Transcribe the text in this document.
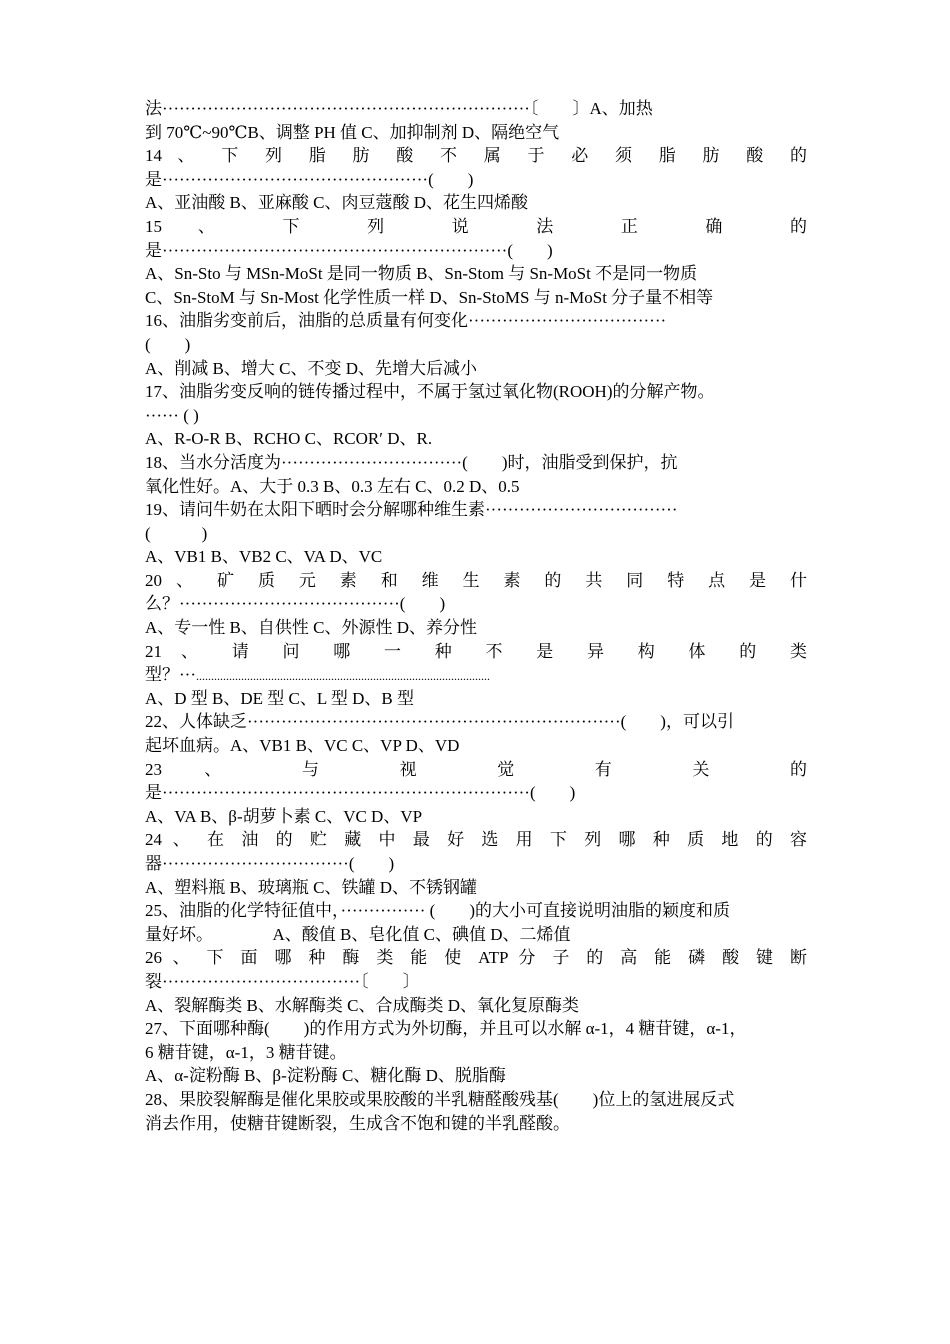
法·································································〔　　〕A、加热
到 70℃~90℃B、调整 PH 值 C、加抑制剂 D、隔绝空气
14 、 下 列 脂 肪 酸 不 属 于 必 须 脂 肪 酸 的
是···············································(　　)
A、亚油酸 B、亚麻酸 C、肉豆蔻酸 D、花生四烯酸
15 、 下 列 说 法 正 确 的
是·····························································(　　)
A、Sn-Sto 与 MSn-MoSt 是同一物质 B、Sn-Stom 与 Sn-MoSt 不是同一物质
C、Sn-StoM 与 Sn-Most 化学性质一样 D、Sn-StoMS 与 n-MoSt 分子量不相等
16、油脂劣变前后，油脂的总质量有何变化···································
(　　)
A、削减 B、增大 C、不变 D、先增大后减小
17、油脂劣变反响的链传播过程中，不属于氢过氧化物(ROOH)的分解产物。
······ ( )
A、R-O-R B、RCHO C、RCOR′ D、R.
18、当水分活度为································(　　)时，油脂受到保护，抗
氧化性好。A、大于 0.3 B、0.3 左右 C、0.2 D、0.5
19、请问牛奶在太阳下晒时会分解哪种维生素··································
(　　　)
A、VB1 B、VB2 C、VA D、VC
20 、 矿 质 元 素 和 维 生 素 的 共 同 特 点 是 什
么？·······································(　　)
A、专一性 B、自供性 C、外源性 D、养分性
21 、 请 问 哪 一 种 不 是 异 构 体 的 类
型？···..................................................................................................
A、D 型 B、DE 型 C、L 型 D、B 型
22、人体缺乏··································································(　　)，可以引
起坏血病。A、VB1 B、VC C、VP D、VD
23 、 与 视 觉 有 关 的
是·································································(　　)
A、VA B、β-胡萝卜素 C、VC D、VP
24 、 在 油 的 贮 藏 中 最 好 选 用 下 列 哪 种 质 地 的 容
器·································(　　)
A、塑料瓶 B、玻璃瓶 C、铁罐 D、不锈钢罐
25、油脂的化学特征值中，··············· (　　)的大小可直接说明油脂的颖度和质
量好坏。　　　　A、酸值 B、皂化值 C、碘值 D、二烯值
26 、 下 面 哪 种 酶 类 能 使 ATP 分 子 的 高 能 磷 酸 键 断
裂···································〔　　〕
A、裂解酶类 B、水解酶类 C、合成酶类 D、氧化复原酶类
27、下面哪种酶(　　)的作用方式为外切酶，并且可以水解 α-1，4 糖苷键，α-1，
6 糖苷键，α-1，3 糖苷键。
A、α-淀粉酶 B、β-淀粉酶 C、糖化酶 D、脱脂酶
28、果胶裂解酶是催化果胶或果胶酸的半乳糖醛酸残基(　　)位上的氢进展反式
消去作用，使糖苷键断裂，生成含不饱和键的半乳醛酸。
